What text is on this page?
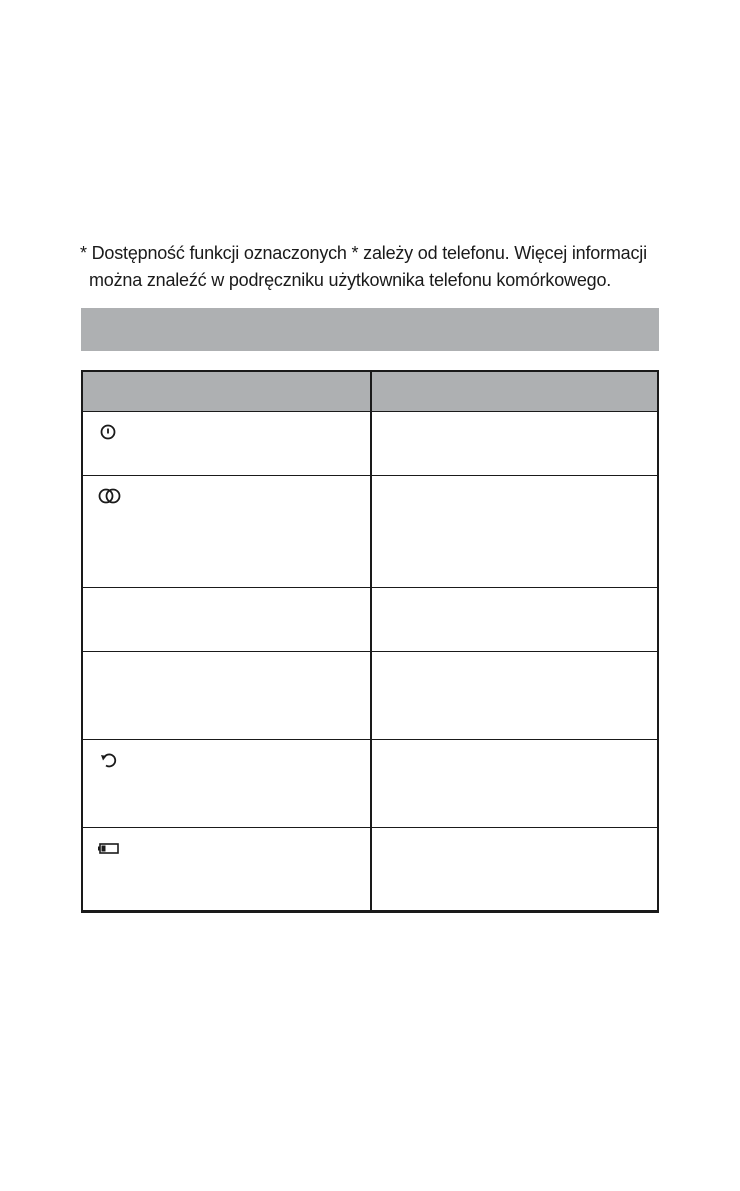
* Dostępność funkcji oznaczonych * zależy od telefonu. Więcej informacji
można znaleźć w podręczniku użytkownika telefonu komórkowego.
